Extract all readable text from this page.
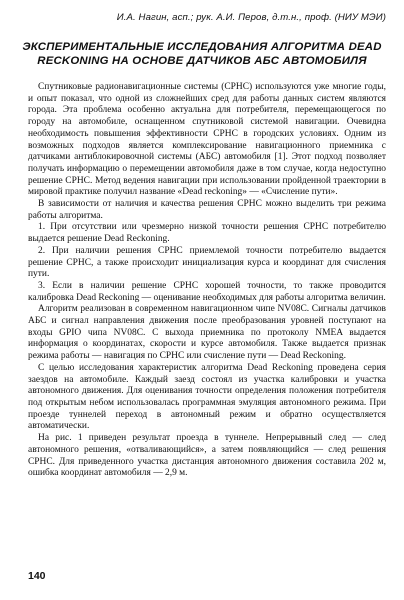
И.А. Нагин, асп.; рук. А.И. Перов, д.т.н., проф. (НИУ МЭИ)
ЭКСПЕРИМЕНТАЛЬНЫЕ ИССЛЕДОВАНИЯ АЛГОРИТМА DEAD RECKONING НА ОСНОВЕ ДАТЧИКОВ АБС АВТОМОБИЛЯ

Спутниковые радионавигационные системы (СРНС) используются уже многие годы, и опыт показал, что одной из сложнейших сред для работы данных систем являются города. Эта проблема особенно актуальна для потребителя, перемещающегося по городу на автомобиле, оснащенном спутниковой системой навигации. Очевидна необходимость повышения эффективности СРНС в городских условиях. Одним из возможных подходов является комплексирование навигационного приемника с датчиками антиблокировочной системы (АБС) автомобиля [1]. Этот подход позволяет получать информацию о перемещении автомобиля даже в том случае, когда недоступно решение СРНС. Метод ведения навигации при использовании пройденной траектории в мировой практике получил название «Dead reckoning» — «Счисление пути».

В зависимости от наличия и качества решения СРНС можно выделить три режима работы алгоритма.

1. При отсутствии или чрезмерно низкой точности решения СРНС потребителю выдается решение Dead Reckoning.

2. При наличии решения СРНС приемлемой точности потребителю выдается решение СРНС, а также происходит инициализация курса и координат для счисления пути.

3. Если в наличии решение СРНС хорошей точности, то также проводится калибровка Dead Reckoning — оценивание необходимых для работы алгоритма величин.

Алгоритм реализован в современном навигационном чипе NV08C. Сигналы датчиков АБС и сигнал направления движения после преобразования уровней поступают на входы GPIO чипа NV08C. С выхода приемника по протоколу NMEA выдается информация о координатах, скорости и курсе автомобиля. Также выдается признак режима работы — навигация по СРНС или счисление пути — Dead Reckoning.

С целью исследования характеристик алгоритма Dead Reckoning проведена серия заездов на автомобиле. Каждый заезд состоял из участка калибровки и участка автономного движения. Для оценивания точности определения положения потребителя под открытым небом использовалась программная эмуляция автономного режима. При проезде туннелей переход в автономный режим и обратно осуществляется автоматически.

На рис. 1 приведен результат проезда в туннеле. Непрерывный след — след автономного решения, «отваливающийся», а затем появляющийся — след решения СРНС. Для приведенного участка дистанция автономного движения составила 202 м, ошибка координат автомобиля — 2,9 м.

140
